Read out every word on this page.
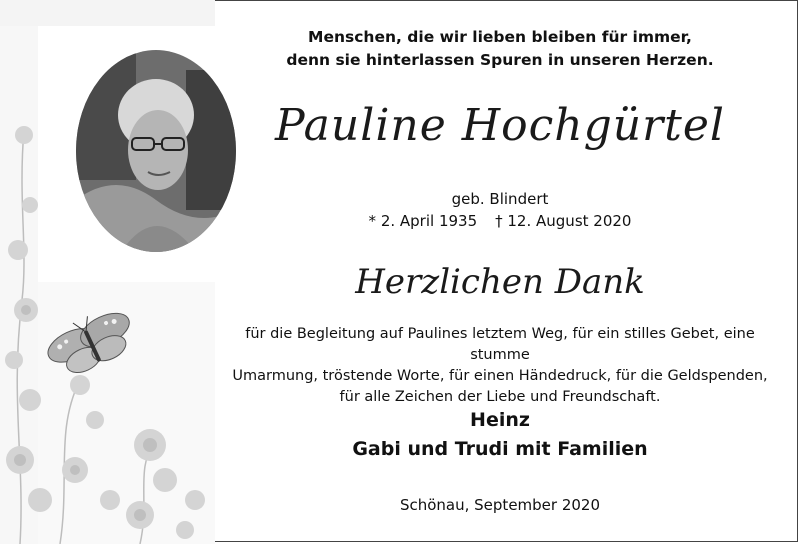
Menschen, die wir lieben bleiben für immer,
denn sie hinterlassen Spuren in unseren Herzen.
Pauline Hochgürtel
geb. Blindert
* 2. April 1935 † 12. August 2020
Herzlichen Dank
für die Begleitung auf Paulines letztem Weg, für ein stilles Gebet, eine stumme
Umarmung, tröstende Worte, für einen Händedruck, für die Geldspenden,
für alle Zeichen der Liebe und Freundschaft.
Heinz
Gabi und Trudi mit Familien
Schönau, September 2020
